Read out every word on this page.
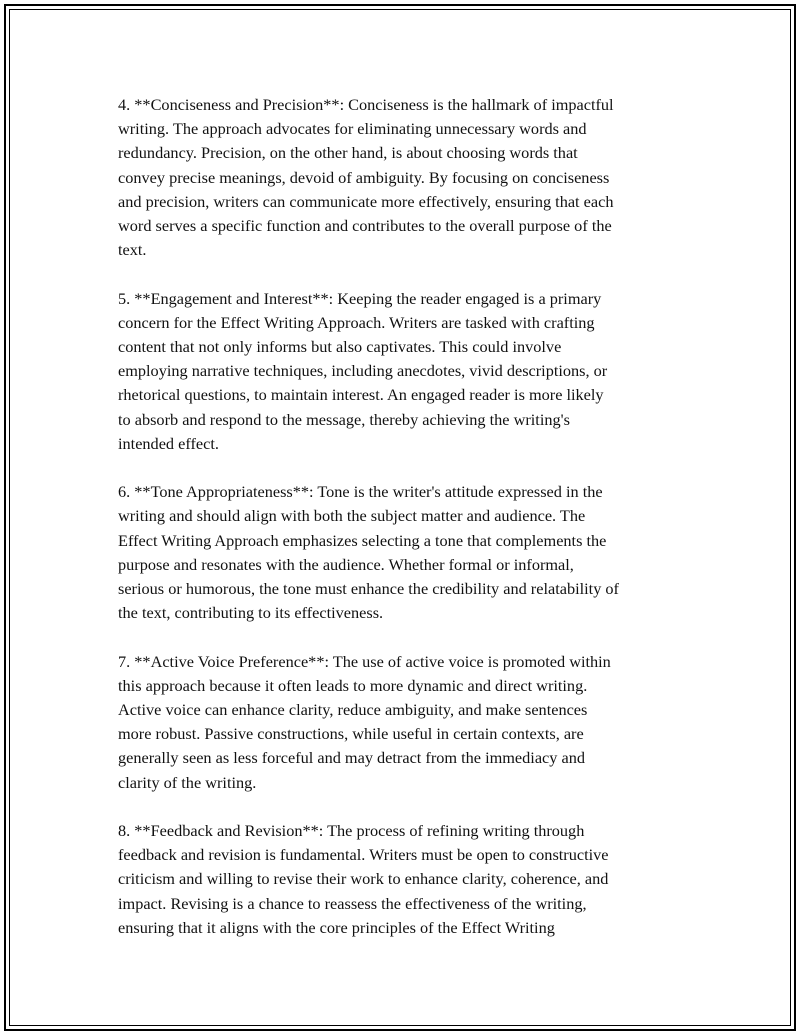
4. **Conciseness and Precision**: Conciseness is the hallmark of impactful
writing. The approach advocates for eliminating unnecessary words and
redundancy. Precision, on the other hand, is about choosing words that
convey precise meanings, devoid of ambiguity. By focusing on conciseness
and precision, writers can communicate more effectively, ensuring that each
word serves a specific function and contributes to the overall purpose of the
text.

5. **Engagement and Interest**: Keeping the reader engaged is a primary
concern for the Effect Writing Approach. Writers are tasked with crafting
content that not only informs but also captivates. This could involve
employing narrative techniques, including anecdotes, vivid descriptions, or
rhetorical questions, to maintain interest. An engaged reader is more likely
to absorb and respond to the message, thereby achieving the writing's
intended effect.

6. **Tone Appropriateness**: Tone is the writer's attitude expressed in the
writing and should align with both the subject matter and audience. The
Effect Writing Approach emphasizes selecting a tone that complements the
purpose and resonates with the audience. Whether formal or informal,
serious or humorous, the tone must enhance the credibility and relatability of
the text, contributing to its effectiveness.

7. **Active Voice Preference**: The use of active voice is promoted within
this approach because it often leads to more dynamic and direct writing.
Active voice can enhance clarity, reduce ambiguity, and make sentences
more robust. Passive constructions, while useful in certain contexts, are
generally seen as less forceful and may detract from the immediacy and
clarity of the writing.

8. **Feedback and Revision**: The process of refining writing through
feedback and revision is fundamental. Writers must be open to constructive
criticism and willing to revise their work to enhance clarity, coherence, and
impact. Revising is a chance to reassess the effectiveness of the writing,
ensuring that it aligns with the core principles of the Effect Writing
